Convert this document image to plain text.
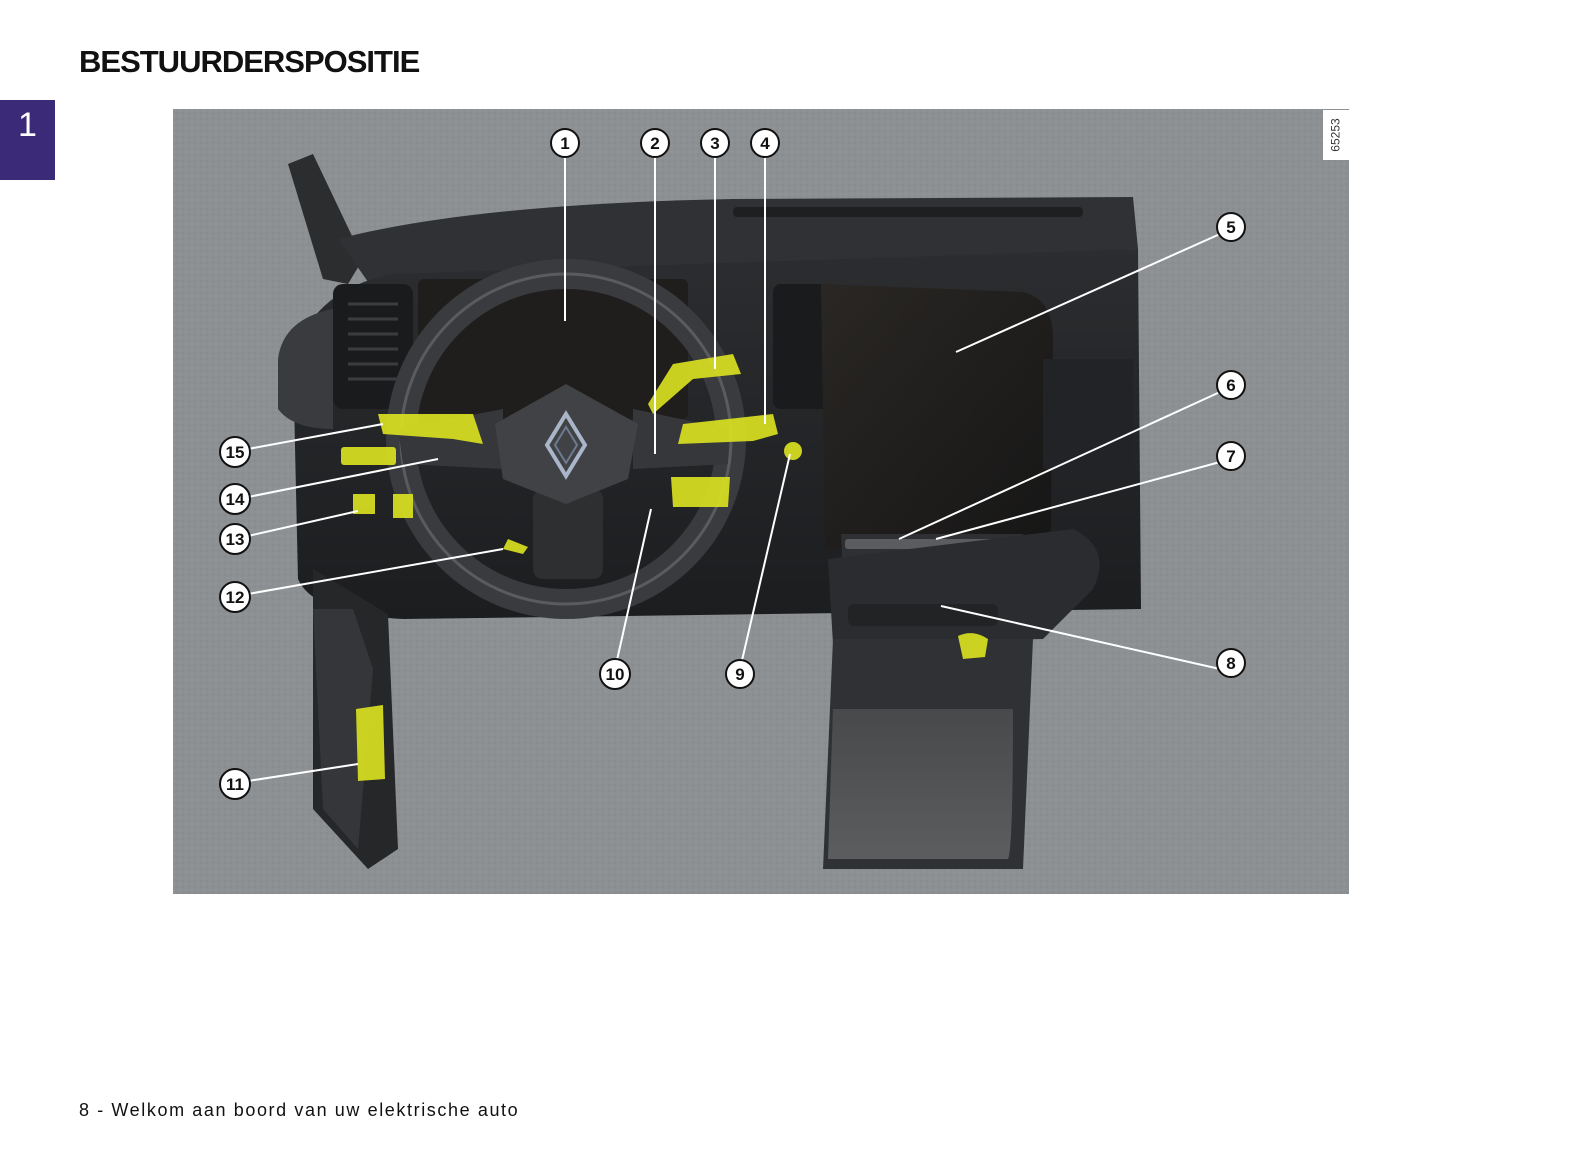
BESTUURDERSPOSITIE
1	1	2	3 4
5
6
7
8
9
10
11
12
13
14
15
65253
8 - Welkom aan boord van uw elektrische auto
